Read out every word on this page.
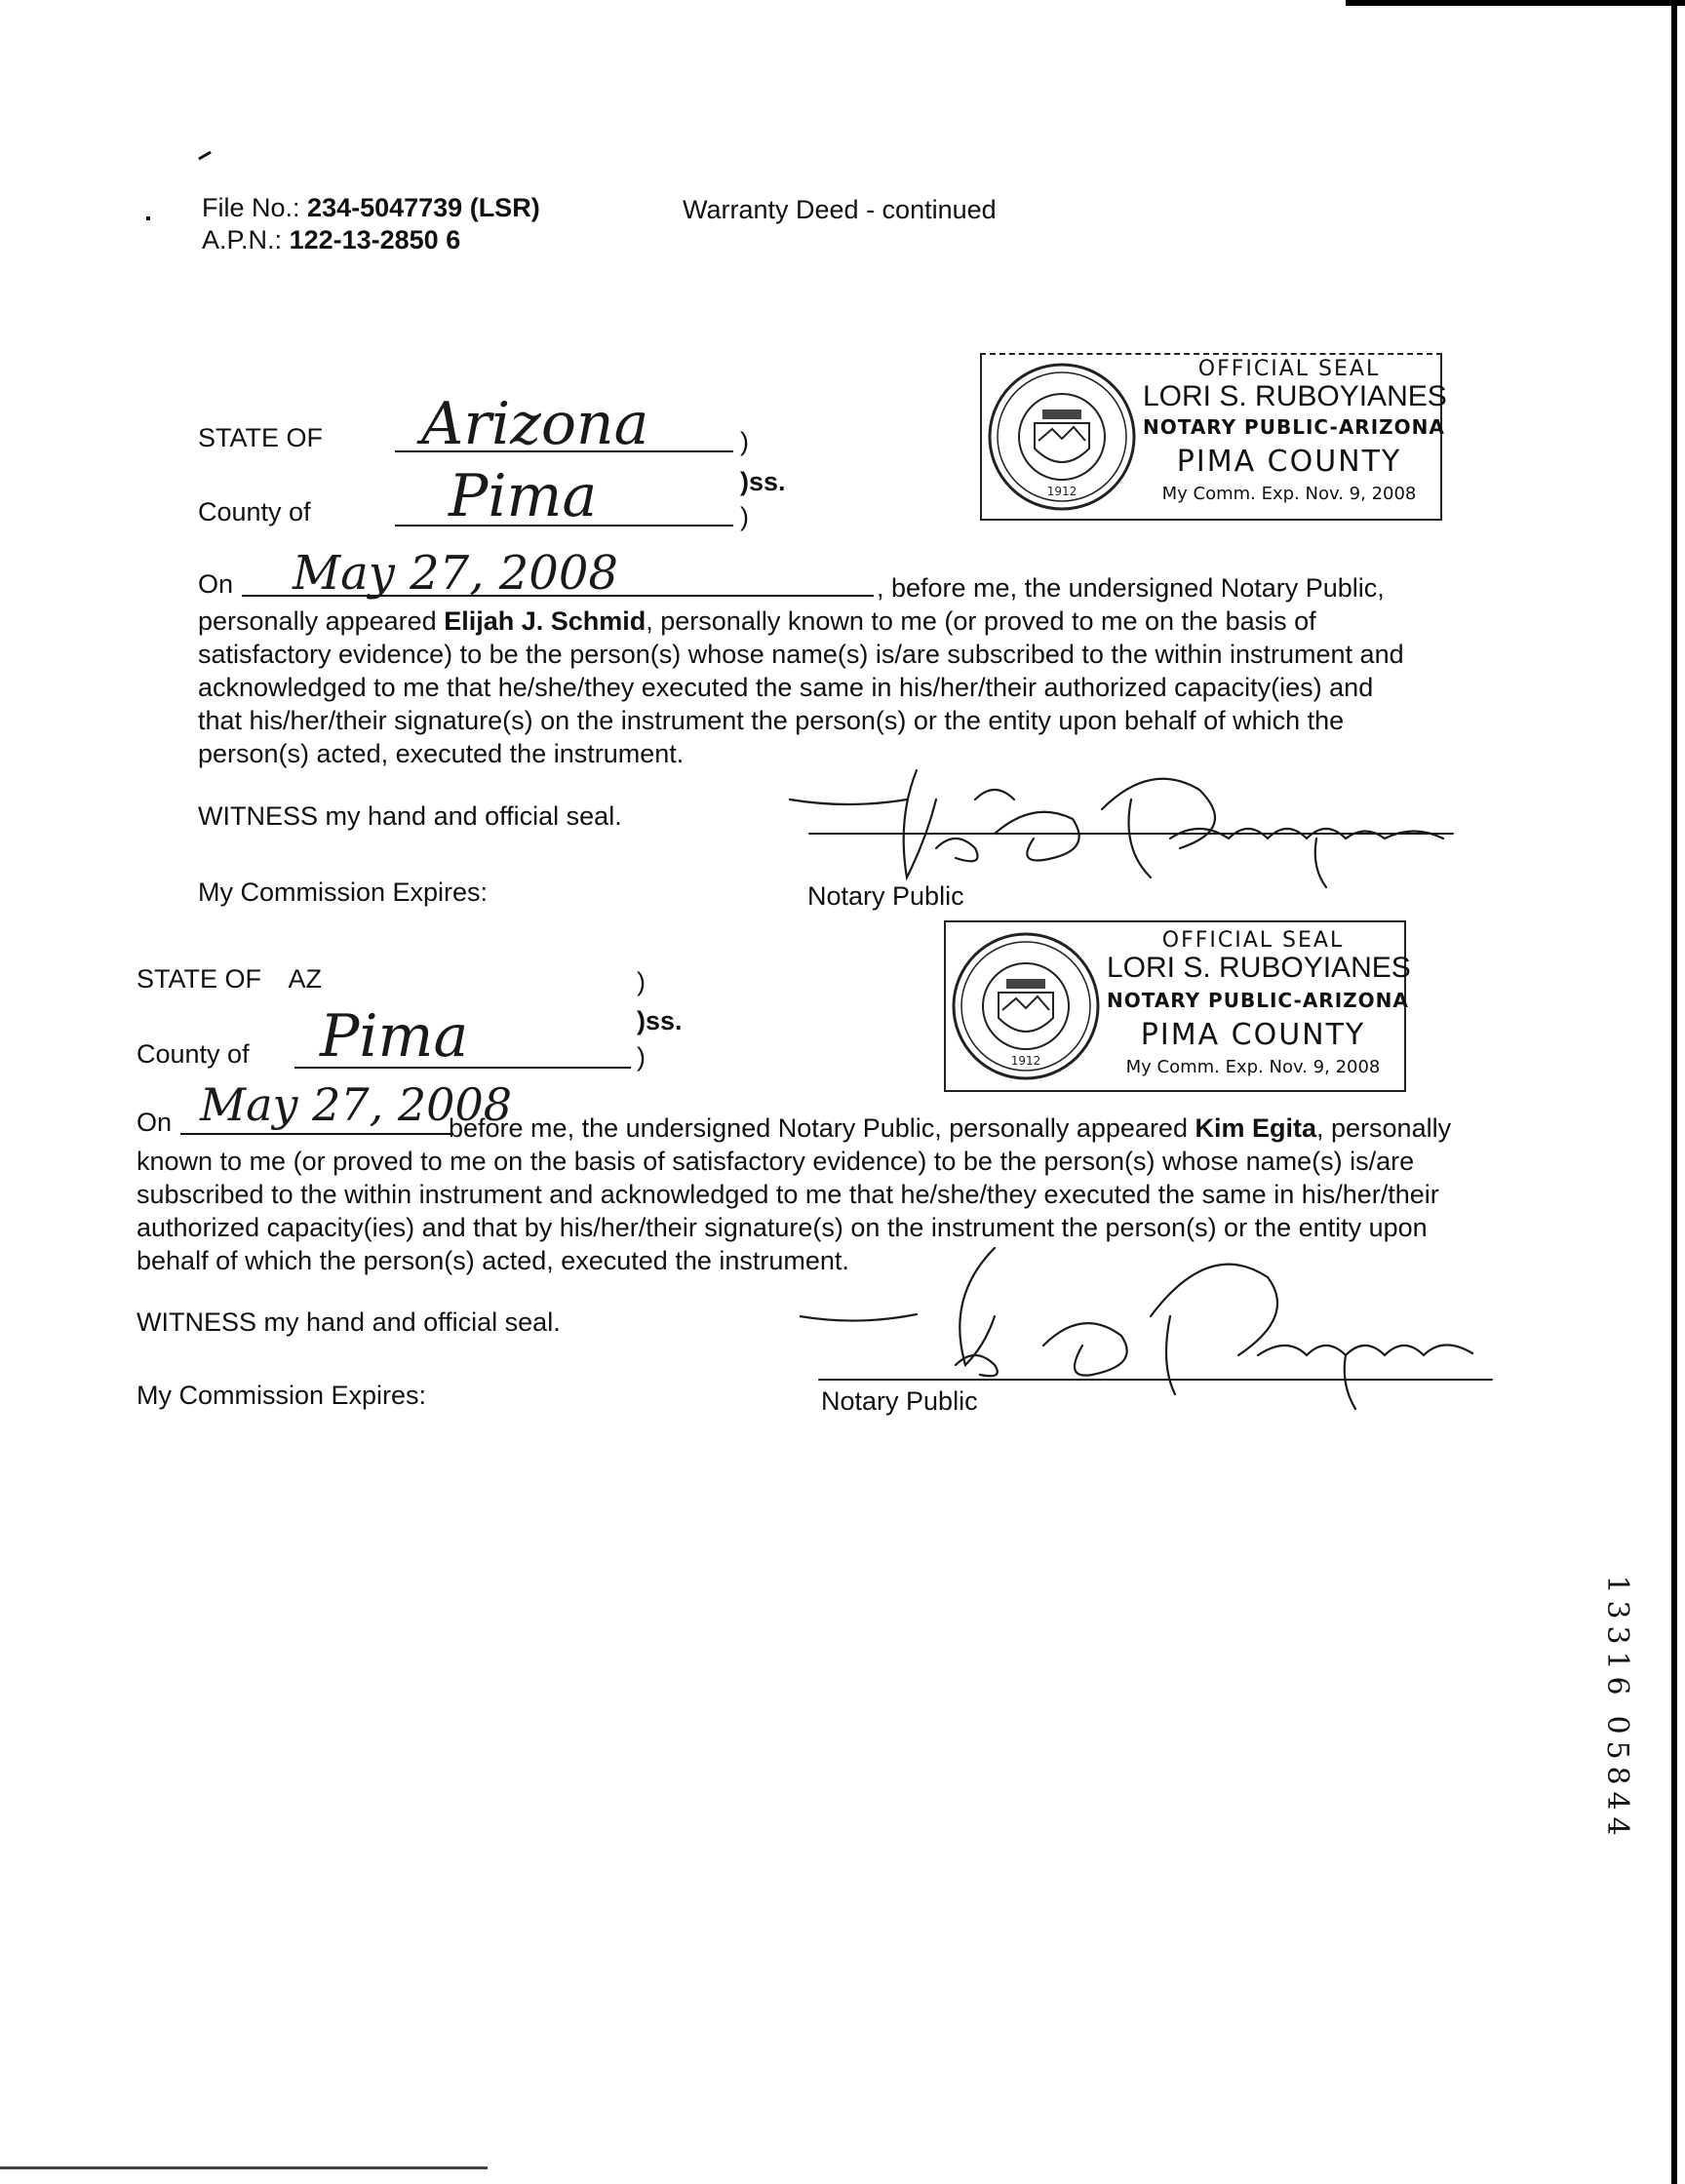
File No.: 234-5047739 (LSR)
A.P.N.: 122-13-2850 6
Warranty Deed - continued
STATE OF Arizona	)
)ss.
County of Pima	)
On May 27, 2008	, before me, the undersigned Notary Public,
personally appeared Elijah J. Schmid, personally known to me (or proved to me on the basis of
satisfactory evidence) to be the person(s) whose name(s) is/are subscribed to the within instrument and
acknowledged to me that he/she/they executed the same in his/her/their authorized capacity(ies) and
that his/her/their signature(s) on the instrument the person(s) or the entity upon behalf of which the
person(s) acted, executed the instrument.
WITNESS my hand and official seal.
My Commission Expires:	Notary Public
1912
OFFICIAL SEAL
LORI S. RUBOYIANES
NOTARY PUBLIC-ARIZONA
PIMA COUNTY
My Comm. Exp. Nov. 9, 2008
STATE OF AZ	)
)ss.
County of Pima	)
On May 27, 2008
before me, the undersigned Notary Public, personally appeared Kim Egita, personally
known to me (or proved to me on the basis of satisfactory evidence) to be the person(s) whose name(s) is/are
subscribed to the within instrument and acknowledged to me that he/she/they executed the same in his/her/their
authorized capacity(ies) and that by his/her/their signature(s) on the instrument the person(s) or the entity upon
behalf of which the person(s) acted, executed the instrument.
WITNESS my hand and official seal.
My Commission Expires:	Notary Public
1912
OFFICIAL SEAL
LORI S. RUBOYIANES
NOTARY PUBLIC-ARIZONA
PIMA COUNTY
My Comm. Exp. Nov. 9, 2008
1
3
3
1
6
0
5
8
4
4
